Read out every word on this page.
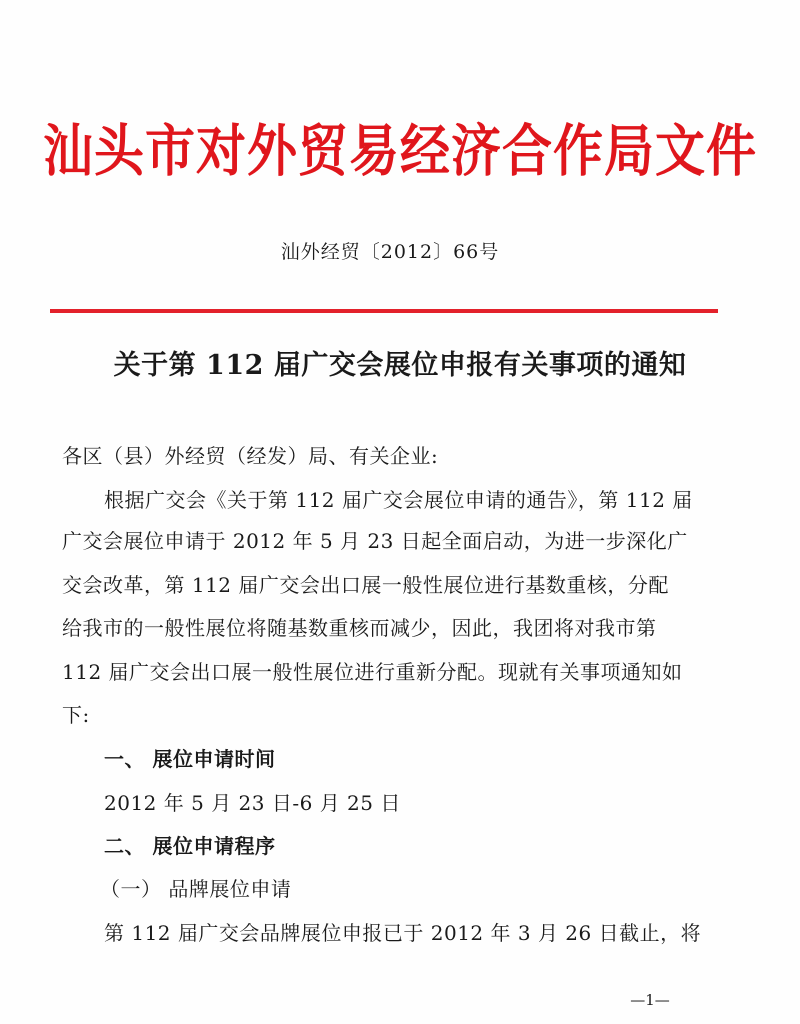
汕头市对外贸易经济合作局文件
汕外经贸〔2012〕66号
关于第 112 届广交会展位申报有关事项的通知
各区（县）外经贸（经发）局、有关企业:
根据广交会《关于第 112 届广交会展位申请的通告》，第 112 届
广交会展位申请于 2012 年 5 月 23 日起全面启动，为进一步深化广
交会改革，第 112 届广交会出口展一般性展位进行基数重核，分配
给我市的一般性展位将随基数重核而减少，因此，我团将对我市第
112 届广交会出口展一般性展位进行重新分配。现就有关事项通知如
下:
一、 展位申请时间
2012 年 5 月 23 日-6 月 25 日
二、 展位申请程序
（一） 品牌展位申请
第 112 届广交会品牌展位申报已于 2012 年 3 月 26 日截止，将
—1—
